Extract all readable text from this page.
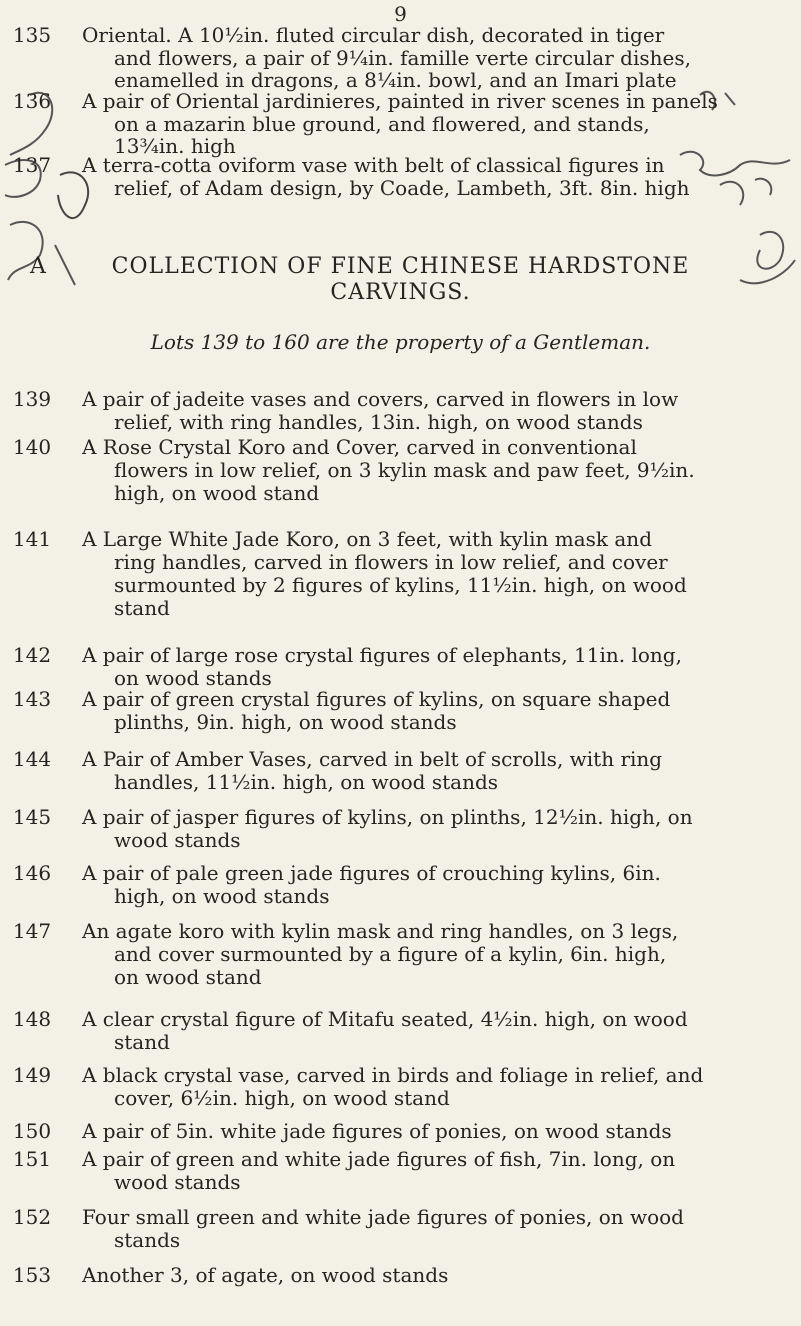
9
135	Oriental. A 10½in. fluted circular dish, decorated in tiger
and flowers, a pair of 9¼in. famille verte circular dishes,
enamelled in dragons, a 8¼in. bowl, and an Imari plate
136	A pair of Oriental jardinieres, painted in river scenes in panels
on a mazarin blue ground, and flowered, and stands,
13¾in. high
137	A terra-cotta oviform vase with belt of classical figures in
relief, of Adam design, by Coade, Lambeth, 3ft. 8in. high
A	COLLECTION OF FINE CHINESE HARDSTONE
CARVINGS.
Lots 139 to 160 are the property of a Gentleman.
139	A pair of jadeite vases and covers, carved in flowers in low
relief, with ring handles, 13in. high, on wood stands
140	A Rose Crystal Koro and Cover, carved in conventional
flowers in low relief, on 3 kylin mask and paw feet, 9½in.
high, on wood stand
141	A Large White Jade Koro, on 3 feet, with kylin mask and
ring handles, carved in flowers in low relief, and cover
surmounted by 2 figures of kylins, 11½in. high, on wood
stand
142	A pair of large rose crystal figures of elephants, 11in. long,
on wood stands
143	A pair of green crystal figures of kylins, on square shaped
plinths, 9in. high, on wood stands
144	A Pair of Amber Vases, carved in belt of scrolls, with ring
handles, 11½in. high, on wood stands
145	A pair of jasper figures of kylins, on plinths, 12½in. high, on
wood stands
146	A pair of pale green jade figures of crouching kylins, 6in.
high, on wood stands
147	An agate koro with kylin mask and ring handles, on 3 legs,
and cover surmounted by a figure of a kylin, 6in. high,
on wood stand
148	A clear crystal figure of Mitafu seated, 4½in. high, on wood
stand
149	A black crystal vase, carved in birds and foliage in relief, and
cover, 6½in. high, on wood stand
150	A pair of 5in. white jade figures of ponies, on wood stands
151	A pair of green and white jade figures of fish, 7in. long, on
wood stands
152	Four small green and white jade figures of ponies, on wood
stands
153	Another 3, of agate, on wood stands
